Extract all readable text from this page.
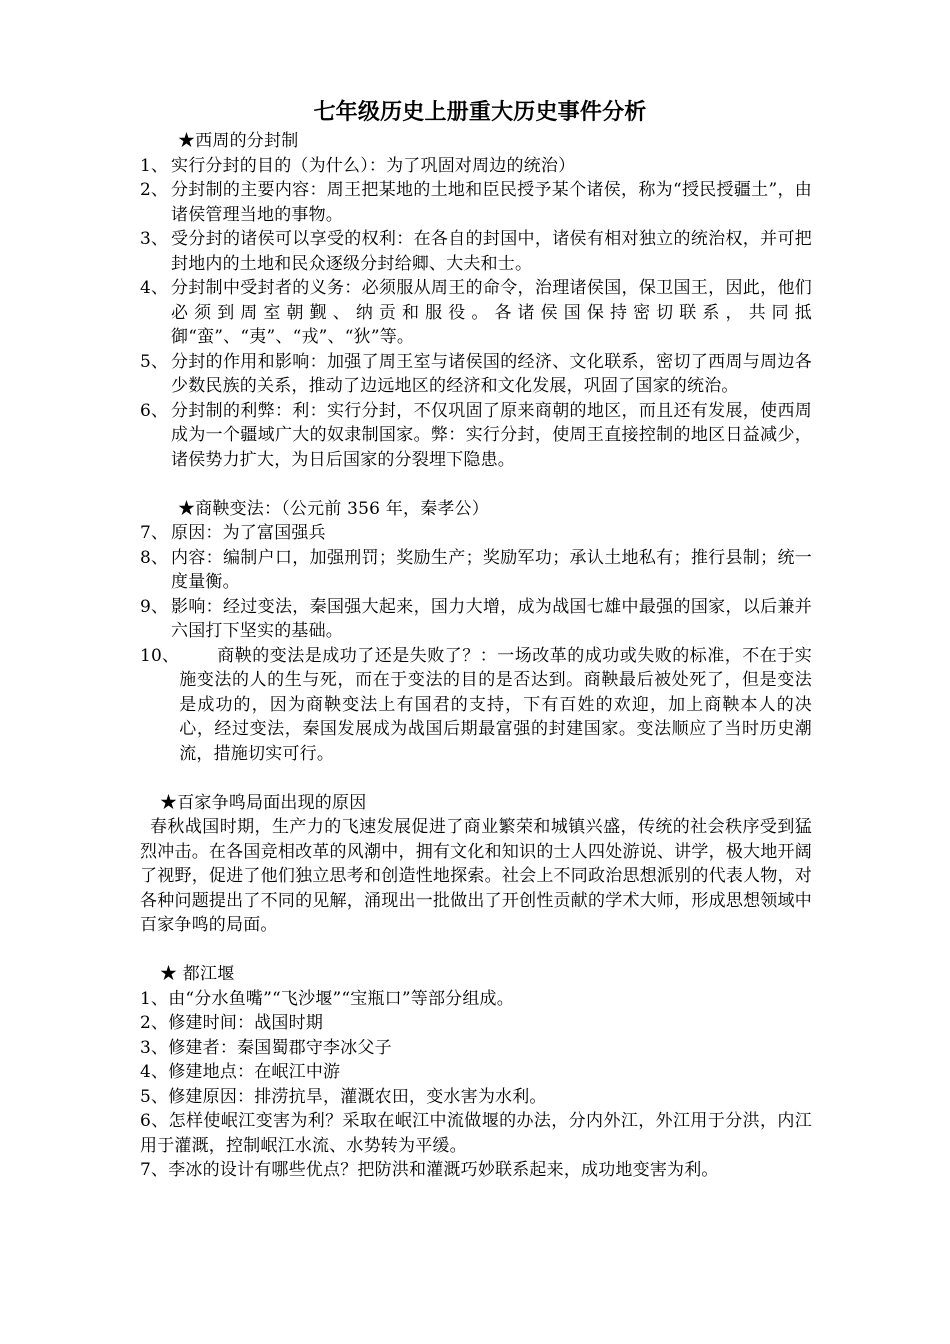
七年级历史上册重大历史事件分析
★西周的分封制
1、 实行分封的目的（为什么）：为了巩固对周边的统治）
2、 分封制的主要内容：周王把某地的土地和臣民授予某个诸侯，称为“授民授疆土”，由诸侯管理当地的事物。
3、 受分封的诸侯可以享受的权利：在各自的封国中，诸侯有相对独立的统治权，并可把封地内的土地和民众逐级分封给卿、大夫和士。
4、 分封制中受封者的义务：必须服从周王的命令，治理诸侯国，保卫国王，因此，他们必须到周室朝觐、纳贡和服役。各诸侯国保持密切联系，共同抵御“蛮”、“夷”、“戎”、“狄”等。
5、 分封的作用和影响：加强了周王室与诸侯国的经济、文化联系，密切了西周与周边各少数民族的关系，推动了边远地区的经济和文化发展，巩固了国家的统治。
6、 分封制的利弊：利：实行分封，不仅巩固了原来商朝的地区，而且还有发展，使西周成为一个疆域广大的奴隶制国家。弊：实行分封，使周王直接控制的地区日益减少，诸侯势力扩大，为日后国家的分裂埋下隐患。
★商鞅变法：（公元前 356 年，秦孝公）
7、 原因：为了富国强兵
8、 内容：编制户口，加强刑罚；奖励生产；奖励军功；承认土地私有；推行县制；统一度量衡。
9、 影响：经过变法，秦国强大起来，国力大增，成为战国七雄中最强的国家，以后兼并六国打下坚实的基础。
10、	商鞅的变法是成功了还是失败了？：一场改革的成功或失败的标准，不在于实施变法的人的生与死，而在于变法的目的是否达到。商鞅最后被处死了，但是变法是成功的，因为商鞅变法上有国君的支持，下有百姓的欢迎，加上商鞅本人的决心，经过变法，秦国发展成为战国后期最富强的封建国家。变法顺应了当时历史潮流，措施切实可行。
★百家争鸣局面出现的原因
春秋战国时期，生产力的飞速发展促进了商业繁荣和城镇兴盛，传统的社会秩序受到猛烈冲击。在各国竞相改革的风潮中，拥有文化和知识的士人四处游说、讲学，极大地开阔了视野，促进了他们独立思考和创造性地探索。社会上不同政治思想派别的代表人物，对各种问题提出了不同的见解，涌现出一批做出了开创性贡献的学术大师，形成思想领域中百家争鸣的局面。
★ 都江堰
1、由“分水鱼嘴”“飞沙堰”“宝瓶口”等部分组成。
2、修建时间：战国时期
3、修建者：秦国蜀郡守李冰父子
4、修建地点：在岷江中游
5、修建原因：排涝抗旱，灌溉农田，变水害为水利。
6、怎样使岷江变害为利？采取在岷江中流做堰的办法，分内外江，外江用于分洪，内江用于灌溉，控制岷江水流、水势转为平缓。
7、李冰的设计有哪些优点？把防洪和灌溉巧妙联系起来，成功地变害为利。
